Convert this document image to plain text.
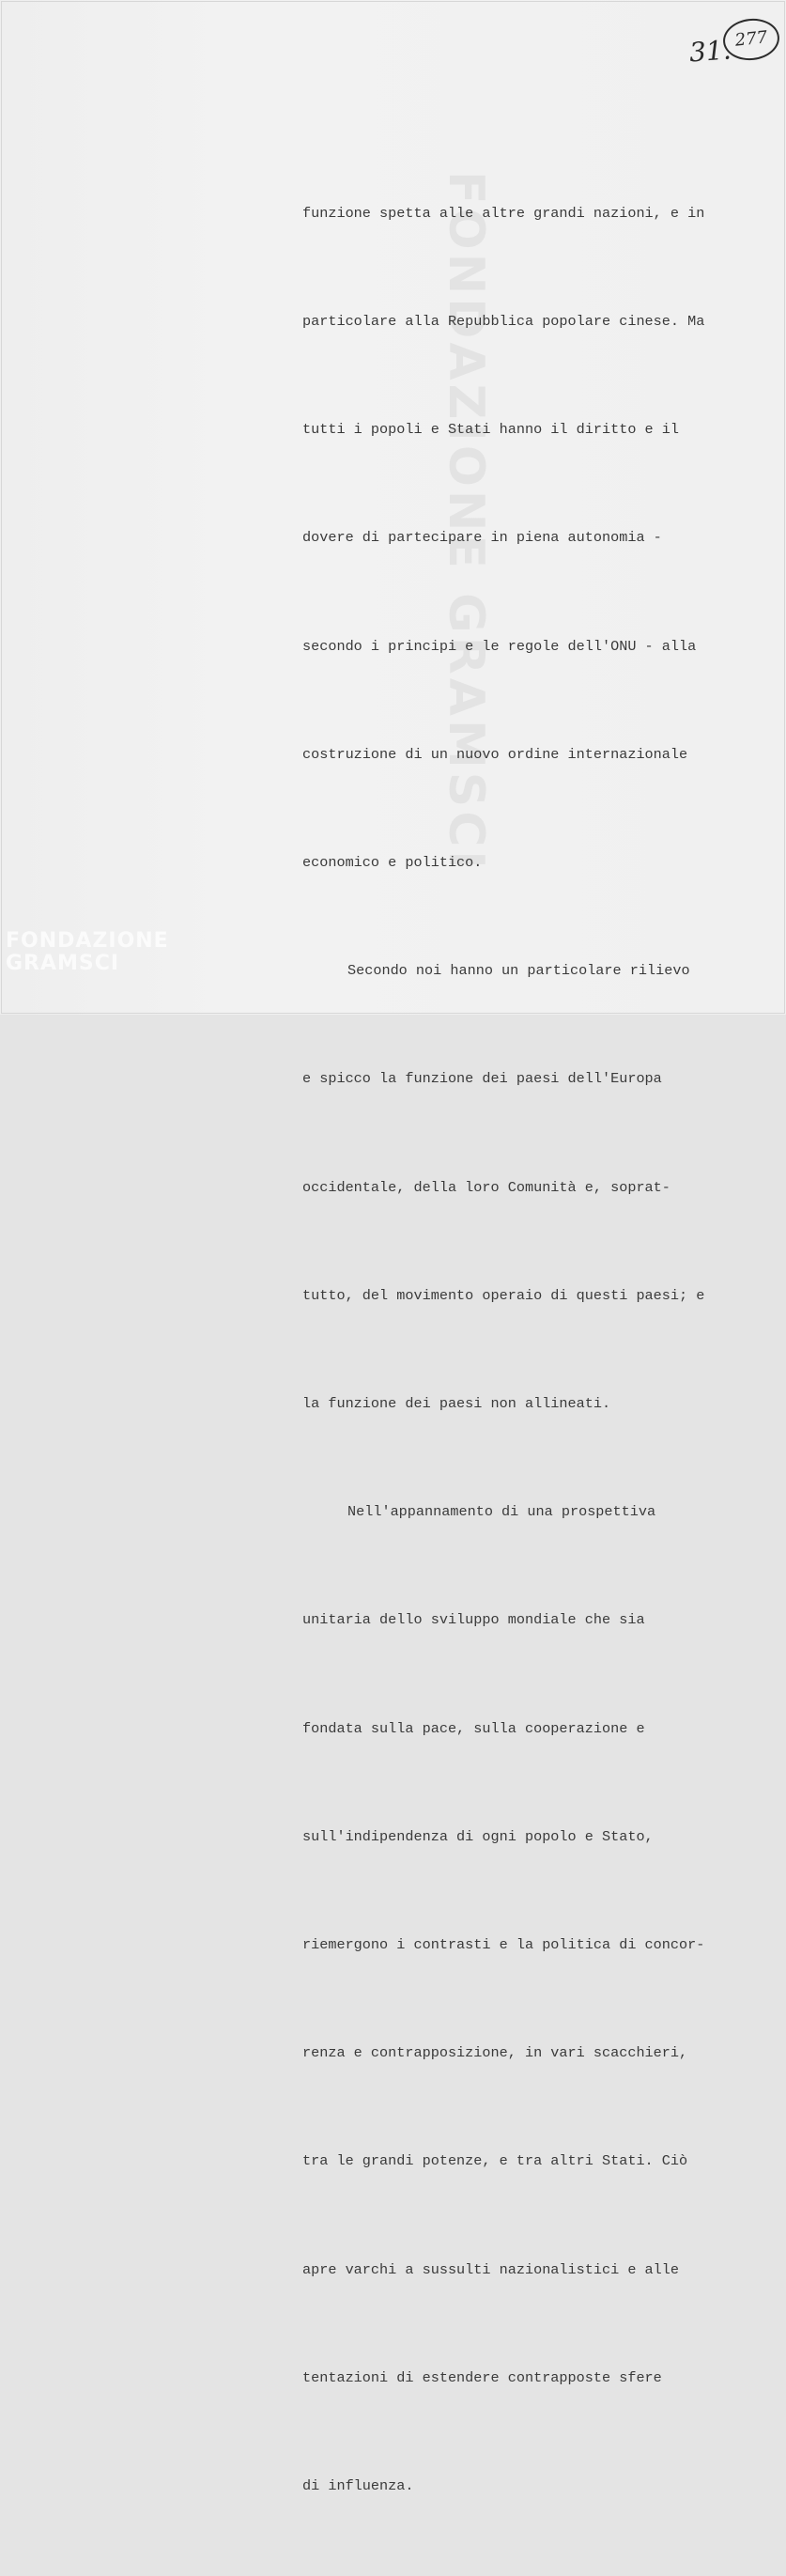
FONDAZIONE GRAMSCI
FONDAZIONE GRAMSCI
31. 277

funzione spetta alle altre grandi nazioni, e in

particolare alla Repubblica popolare cinese. Ma

tutti i popoli e Stati hanno il diritto e il

dovere di partecipare in piena autonomia -

secondo i principi e le regole dell'ONU - alla

costruzione di un nuovo ordine internazionale

economico e politico.

Secondo noi hanno un particolare rilievo

e spicco la funzione dei paesi dell'Europa

occidentale, della loro Comunità e, soprat-

tutto, del movimento operaio di questi paesi; e

la funzione dei paesi non allineati.

Nell'appannamento di una prospettiva

unitaria dello sviluppo mondiale che sia

fondata sulla pace, sulla cooperazione e

sull'indipendenza di ogni popolo e Stato,

riemergono i contrasti e la politica di concor-

renza e contrapposizione, in vari scacchieri,

tra le grandi potenze, e tra altri Stati. Ciò

apre varchi a sussulti nazionalistici e alle

tentazioni di estendere contrapposte sfere

di influenza.
